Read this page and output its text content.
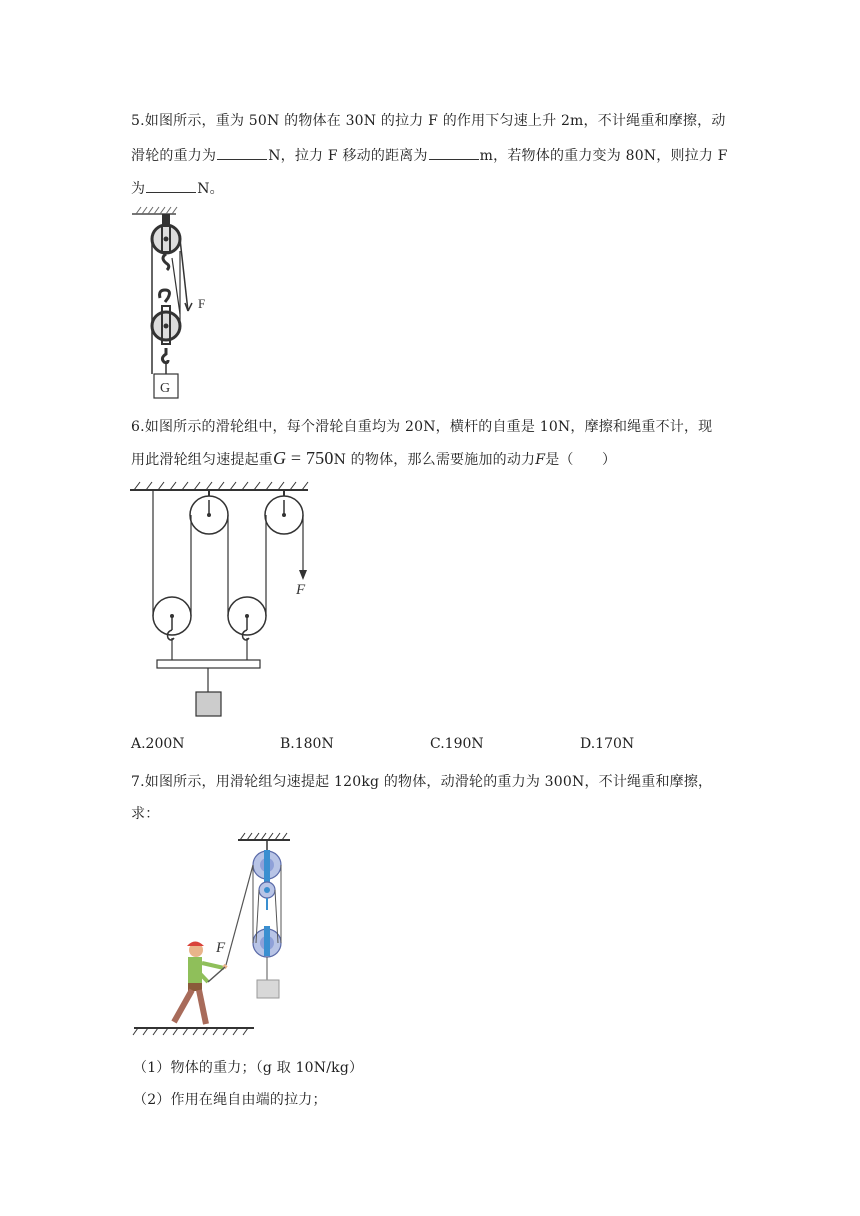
5.如图所示，重为 50N 的物体在 30N 的拉力 F 的作用下匀速上升 2m，不计绳重和摩擦，动
滑轮的重力为	N，拉力 F 移动的距离为	m，若物体的重力变为 80N，则拉力 F
为	N。
F
G
6.如图所示的滑轮组中，每个滑轮自重均为 20N，横杆的自重是 10N，摩擦和绳重不计，现
用此滑轮组匀速提起重G = 750N 的物体，那么需要施加的动力F是（　　）
F
A.200N	B.180N	C.190N	D.170N
7.如图所示，用滑轮组匀速提起 120kg 的物体，动滑轮的重力为 300N，不计绳重和摩擦，
求：
F
（1）物体的重力；（g 取 10N/kg）
（2）作用在绳自由端的拉力；
